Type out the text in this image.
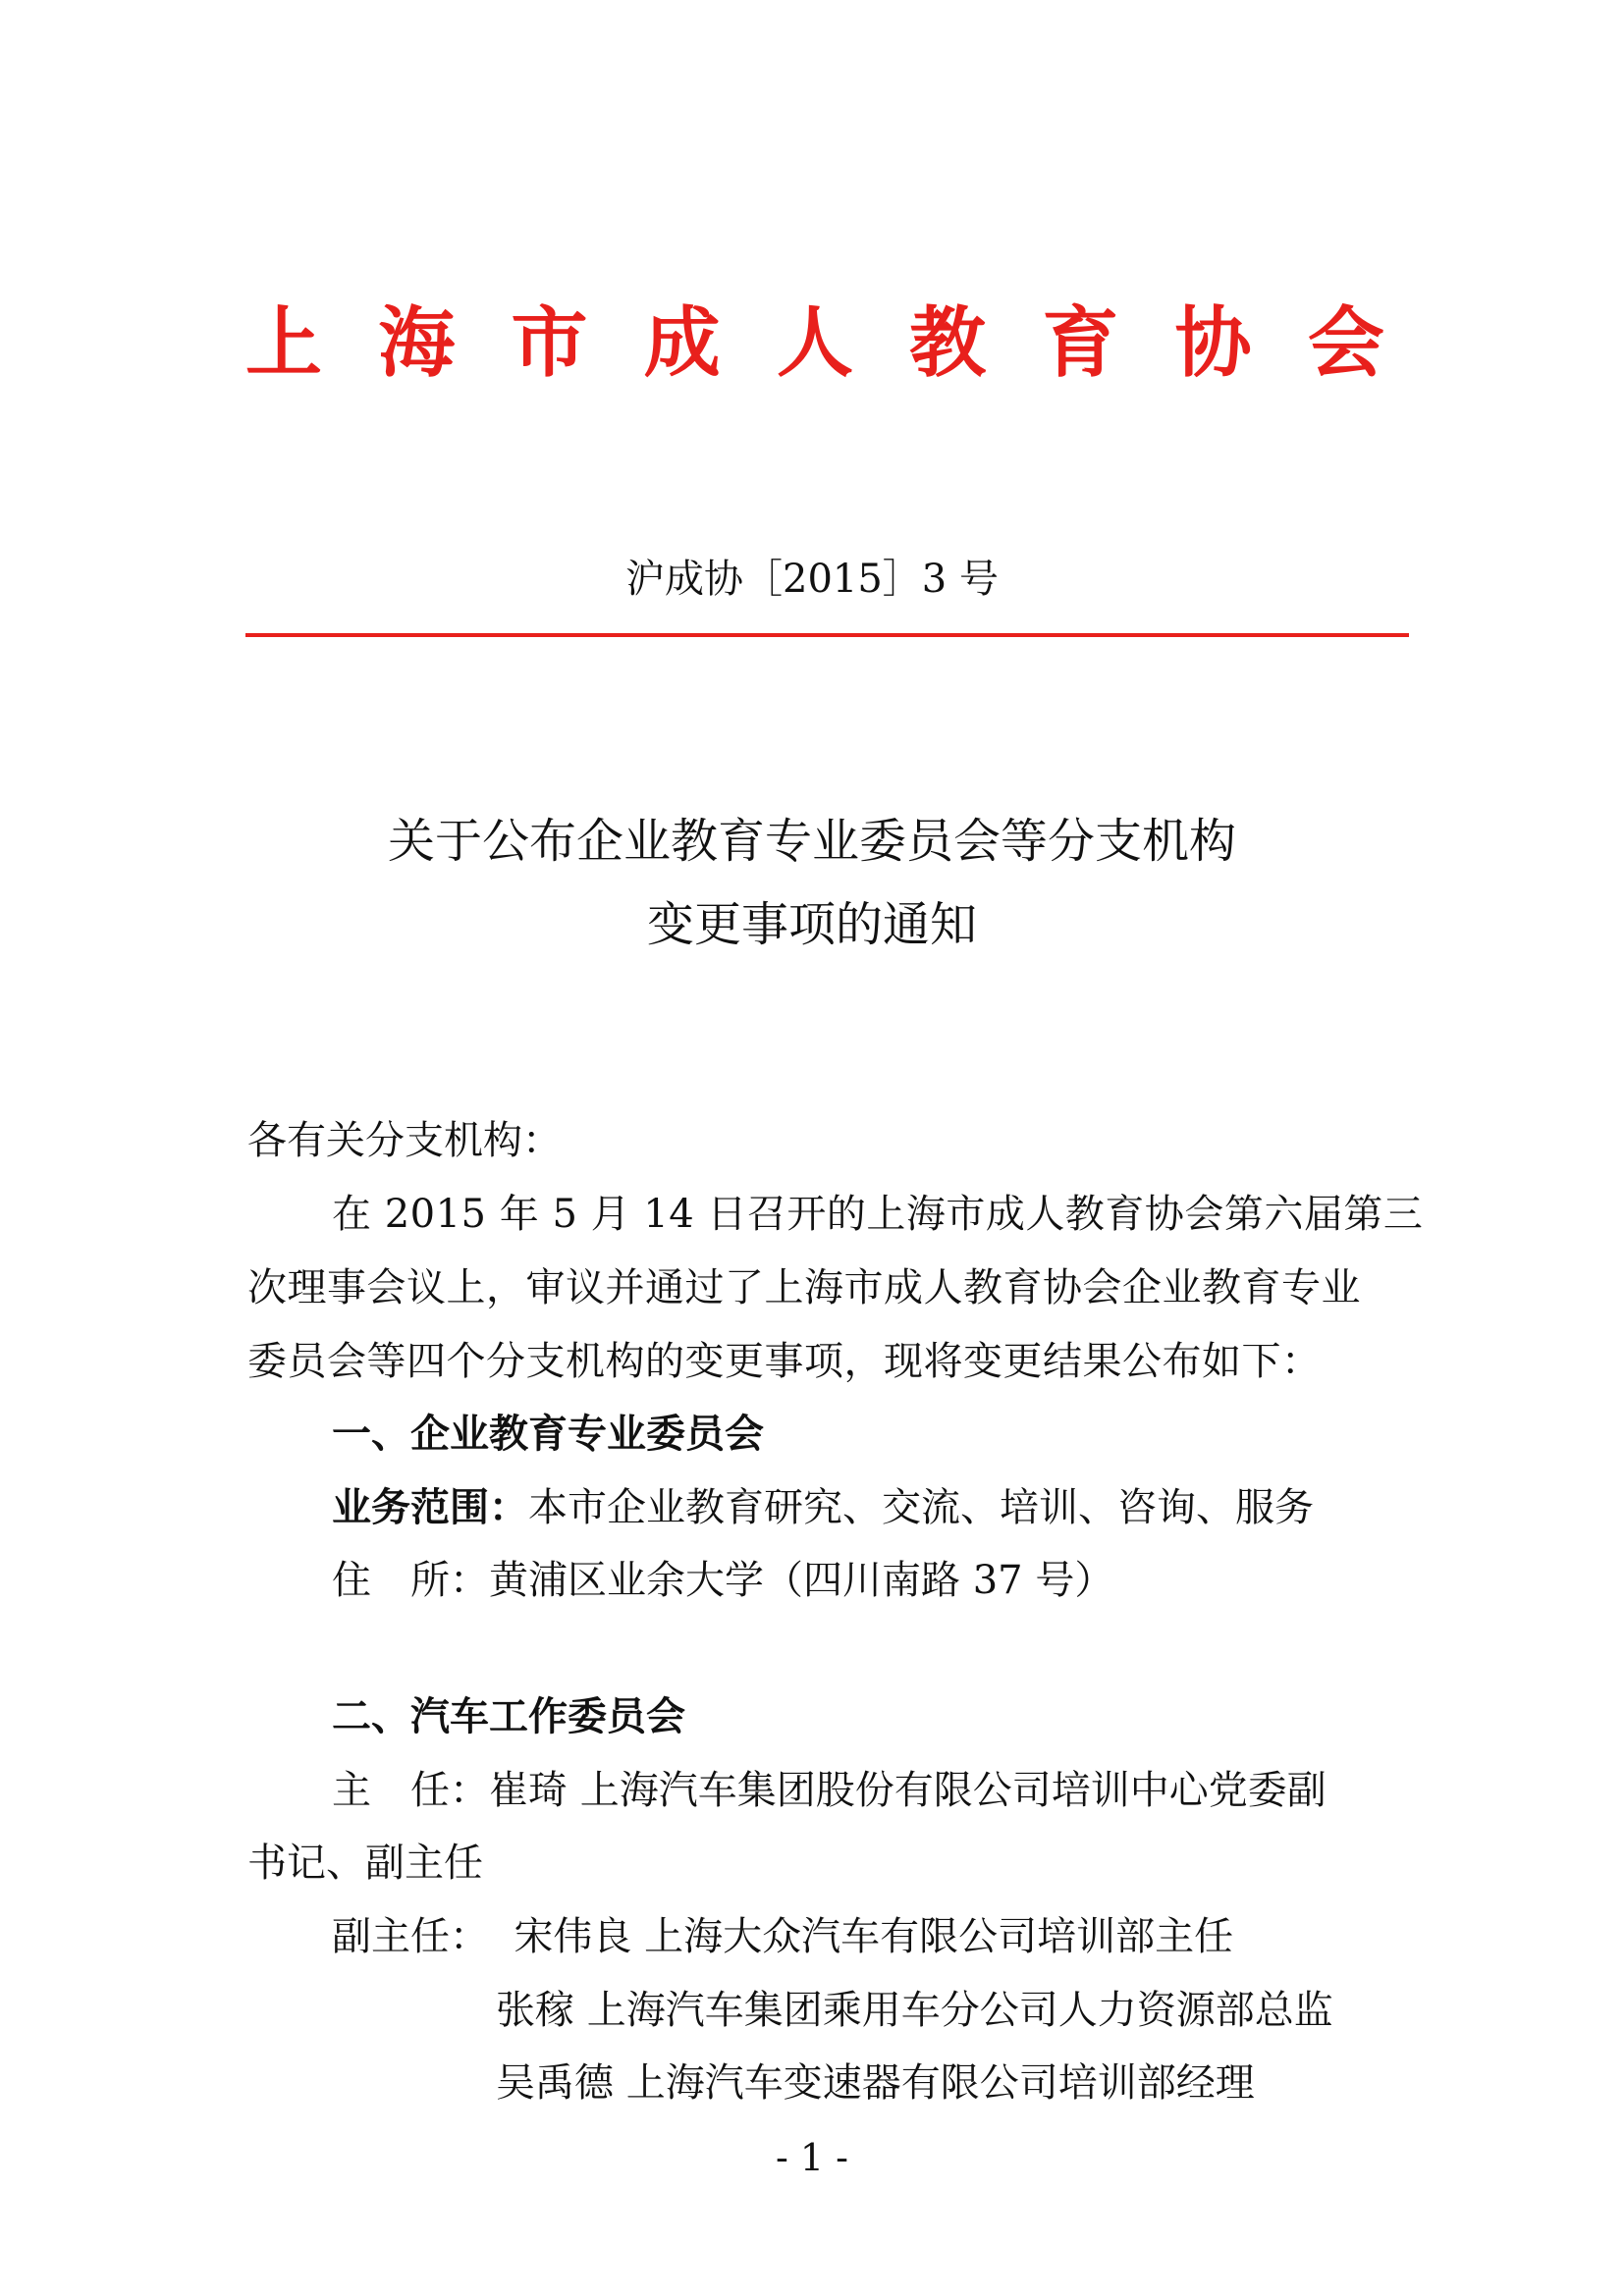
上 海 市 成 人 教 育 协 会
沪成协［2015］3 号
关于公布企业教育专业委员会等分支机构
变更事项的通知
各有关分支机构：
在 2015 年 5 月 14 日召开的上海市成人教育协会第六届第三
次理事会议上，审议并通过了上海市成人教育协会企业教育专业
委员会等四个分支机构的变更事项，现将变更结果公布如下：
一、企业教育专业委员会
业务范围：本市企业教育研究、交流、培训、咨询、服务
住　所：黄浦区业余大学（四川南路 37 号）
二、汽车工作委员会
主　任：崔琦 上海汽车集团股份有限公司培训中心党委副
书记、副主任
副主任： 宋伟良 上海大众汽车有限公司培训部主任
张稼 上海汽车集团乘用车分公司人力资源部总监
吴禹德 上海汽车变速器有限公司培训部经理
- 1 -
